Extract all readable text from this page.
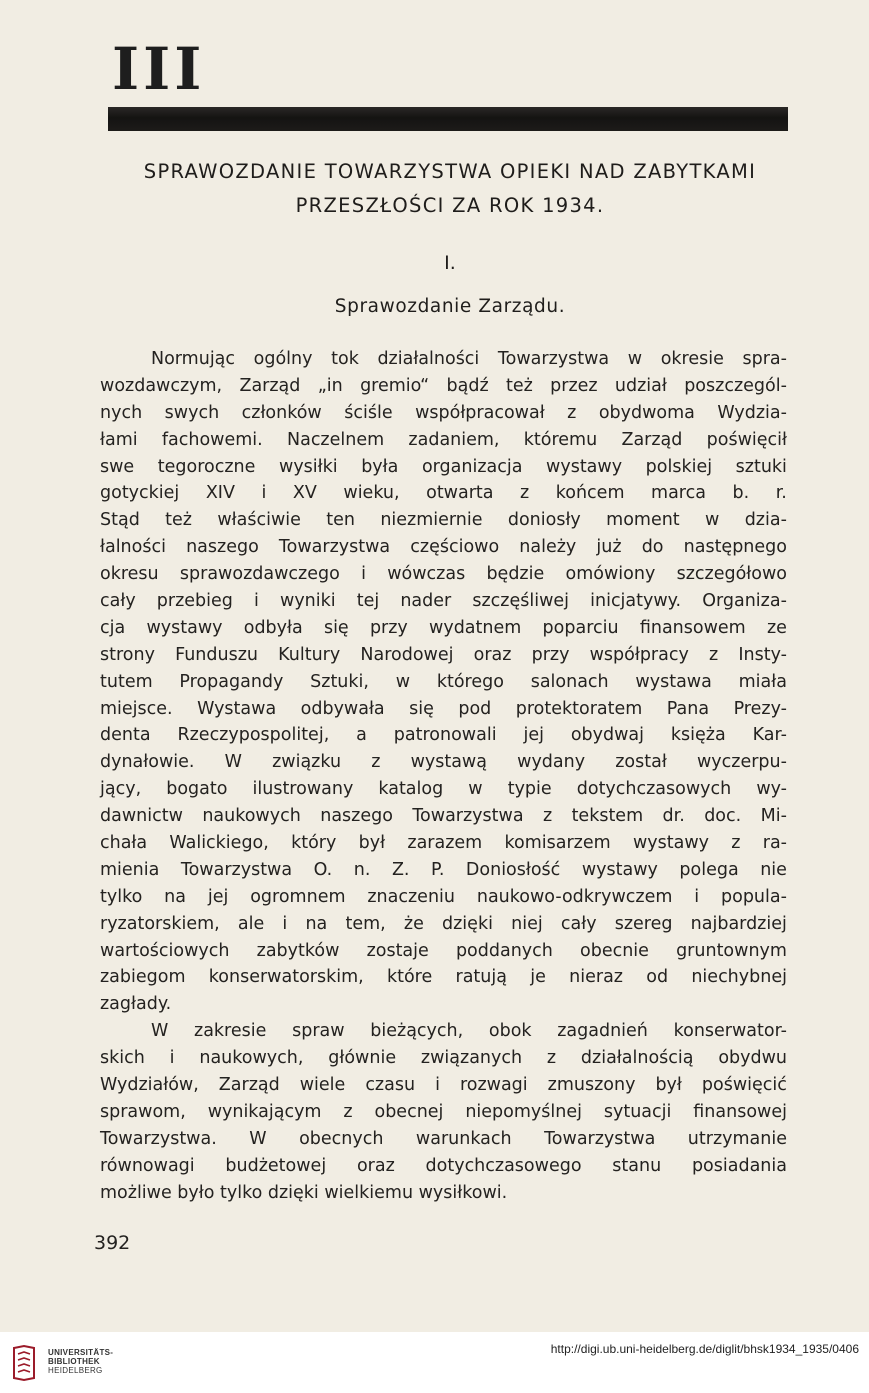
III
SPRAWOZDANIE TOWARZYSTWA OPIEKI NAD ZABYTKAMI
PRZESZŁOŚCI ZA ROK 1934.
I.
Sprawozdanie Zarządu.
Normując ogólny tok działalności Towarzystwa w okresie spra-
wozdawczym, Zarząd „in gremio“ bądź też przez udział poszczegól-
nych swych członków ściśle współpracował z obydwoma Wydzia-
łami fachowemi. Naczelnem zadaniem, któremu Zarząd poświęcił
swe tegoroczne wysiłki była organizacja wystawy polskiej sztuki
gotyckiej XIV i XV wieku, otwarta z końcem marca b. r.
Stąd też właściwie ten niezmiernie doniosły moment w dzia-
łalności naszego Towarzystwa częściowo należy już do następnego
okresu sprawozdawczego i wówczas będzie omówiony szczegółowo
cały przebieg i wyniki tej nader szczęśliwej inicjatywy. Organiza-
cja wystawy odbyła się przy wydatnem poparciu finansowem ze
strony Funduszu Kultury Narodowej oraz przy współpracy z Insty-
tutem Propagandy Sztuki, w którego salonach wystawa miała
miejsce. Wystawa odbywała się pod protektoratem Pana Prezy-
denta Rzeczypospolitej, a patronowali jej obydwaj księża Kar-
dynałowie. W związku z wystawą wydany został wyczerpu-
jący, bogato ilustrowany katalog w typie dotychczasowych wy-
dawnictw naukowych naszego Towarzystwa z tekstem dr. doc. Mi-
chała Walickiego, który był zarazem komisarzem wystawy z ra-
mienia Towarzystwa O. n. Z. P. Doniosłość wystawy polega nie
tylko na jej ogromnem znaczeniu naukowo-odkrywczem i popula-
ryzatorskiem, ale i na tem, że dzięki niej cały szereg najbardziej
wartościowych zabytków zostaje poddanych obecnie gruntownym
zabiegom konserwatorskim, które ratują je nieraz od niechybnej
zagłady.
W zakresie spraw bieżących, obok zagadnień konserwator-
skich i naukowych, głównie związanych z działalnością obydwu
Wydziałów, Zarząd wiele czasu i rozwagi zmuszony był poświęcić
sprawom, wynikającym z obecnej niepomyślnej sytuacji finansowej
Towarzystwa. W obecnych warunkach Towarzystwa utrzymanie
równowagi budżetowej oraz dotychczasowego stanu posiadania
możliwe było tylko dzięki wielkiemu wysiłkowi.
392
UNIVERSITÄTS-
BIBLIOTHEK
HEIDELBERG
http://digi.ub.uni-heidelberg.de/diglit/bhsk1934_1935/0406
